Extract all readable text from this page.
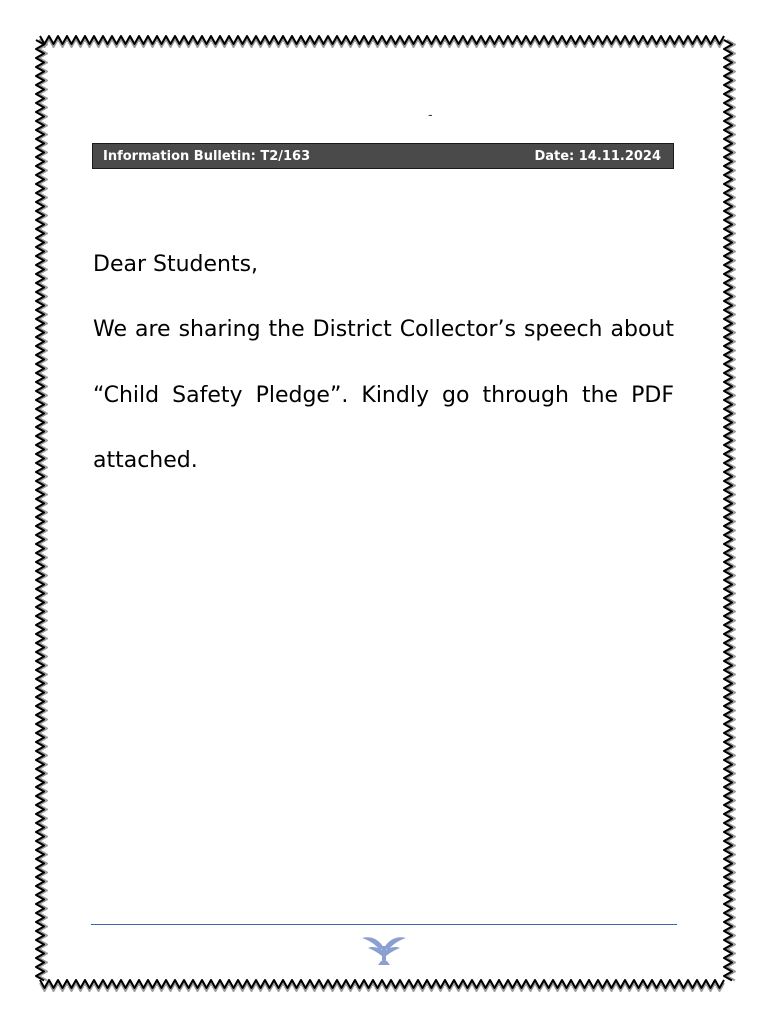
-
Information Bulletin: T2/163	Date: 14.11.2024
Dear Students,
We are sharing the District Collector’s speech about “Child Safety Pledge”. Kindly go through the PDF attached.
